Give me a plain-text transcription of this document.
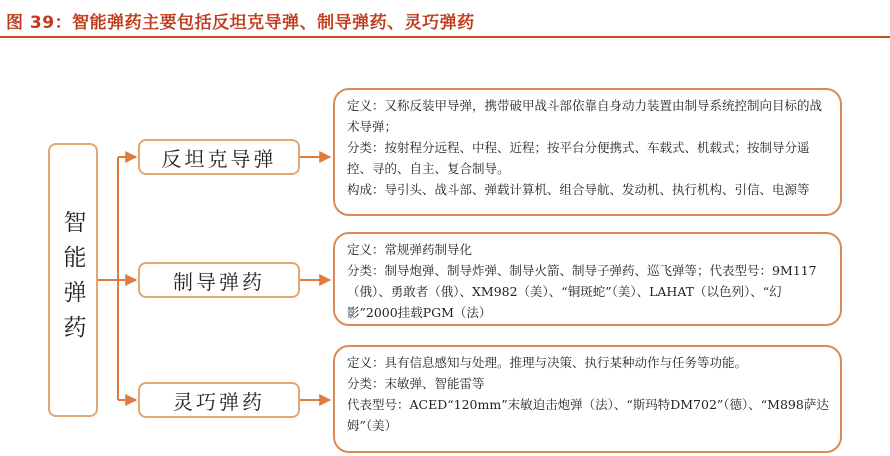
图 39：智能弹药主要包括反坦克导弹、制导弹药、灵巧弹药
智能弹药
反坦克导弹
制导弹药
灵巧弹药

定义：又称反装甲导弹，携带破甲战斗部依靠自身动力装置由制导系统控制向目标的战术导弹；

分类：按射程分远程、中程、近程；按平台分便携式、车载式、机载式；按制导分遥控、寻的、自主、复合制导。

构成：导引头、战斗部、弹载计算机、组合导航、发动机、执行机构、引信、电源等

定义：常规弹药制导化

分类：制导炮弹、制导炸弹、制导火箭、制导子弹药、巡飞弹等；代表型号：9M117（俄）、勇敢者（俄）、XM982（美）、“铜斑蛇”（美）、LAHAT（以色列）、“幻影”2000挂载PGM（法）

定义：具有信息感知与处理。推理与决策、执行某种动作与任务等功能。

分类：末敏弹、智能雷等

代表型号：ACED“120mm”末敏迫击炮弹（法）、“斯玛特DM702”（德）、“M898萨达姆”（美）
